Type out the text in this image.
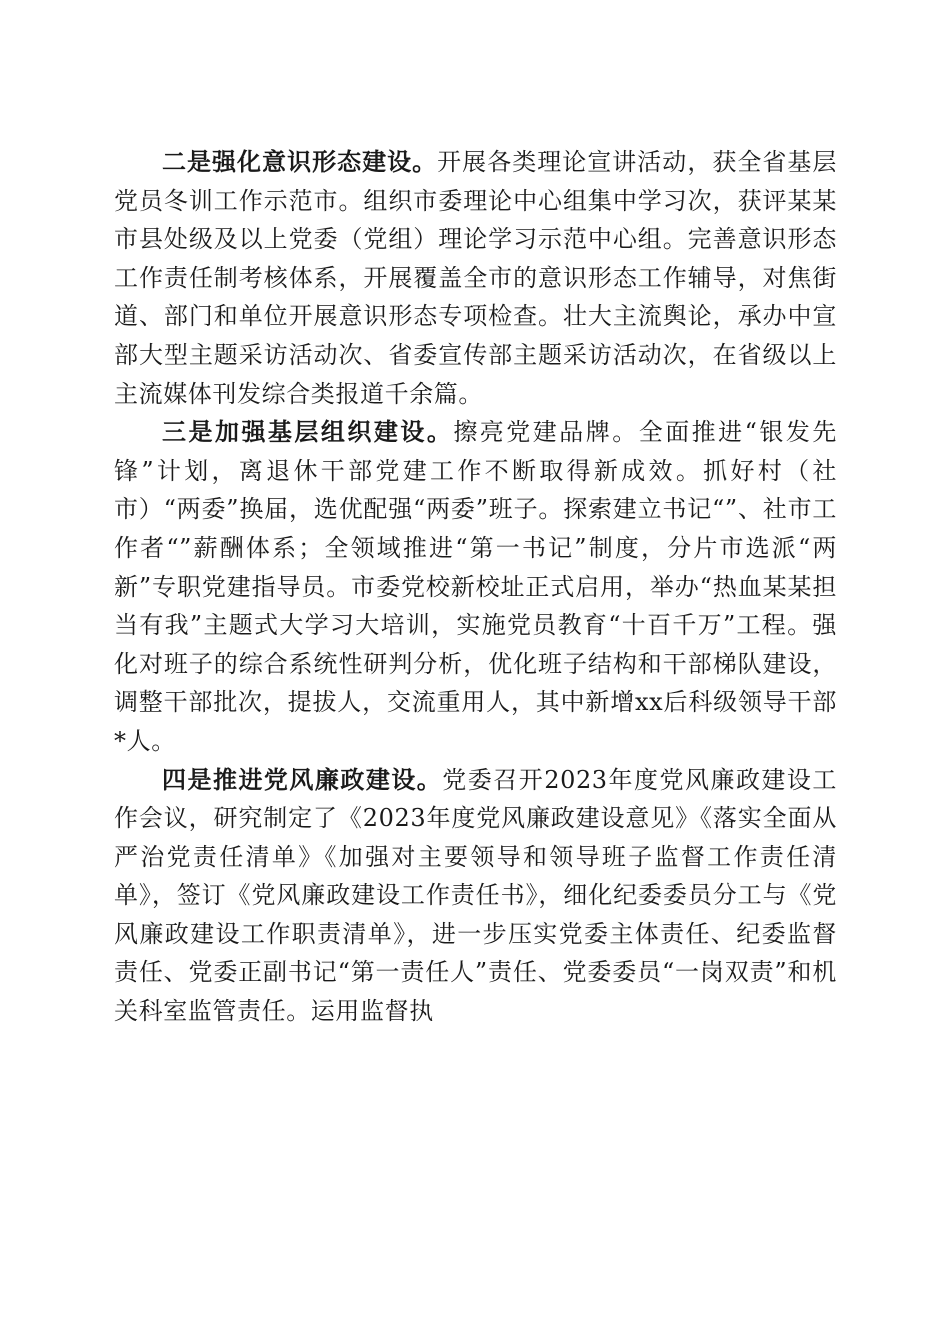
二是强化意识形态建设。开展各类理论宣讲活动，获全省基层党员冬训工作示范市。组织市委理论中心组集中学习次，获评某某市县处级及以上党委（党组）理论学习示范中心组。完善意识形态工作责任制考核体系，开展覆盖全市的意识形态工作辅导，对焦街道、部门和单位开展意识形态专项检查。壮大主流舆论，承办中宣部大型主题采访活动次、省委宣传部主题采访活动次，在省级以上主流媒体刊发综合类报道千余篇。

三是加强基层组织建设。擦亮党建品牌。全面推进“银发先锋”计划，离退休干部党建工作不断取得新成效。抓好村（社市）“两委”换届，选优配强“两委”班子。探索建立书记“”、社市工作者“”薪酬体系；全领域推进“第一书记”制度，分片市选派“两新”专职党建指导员。市委党校新校址正式启用，举办“热血某某担当有我”主题式大学习大培训，实施党员教育“十百千万”工程。强化对班子的综合系统性研判分析，优化班子结构和干部梯队建设，调整干部批次，提拔人，交流重用人，其中新增xx后科级领导干部*人。

四是推进党风廉政建设。党委召开2023年度党风廉政建设工作会议，研究制定了《2023年度党风廉政建设意见》《落实全面从严治党责任清单》《加强对主要领导和领导班子监督工作责任清单》，签订《党风廉政建设工作责任书》，细化纪委委员分工与《党风廉政建设工作职责清单》，进一步压实党委主体责任、纪委监督责任、党委正副书记“第一责任人”责任、党委委员“一岗双责”和机关科室监管责任。运用监督执
